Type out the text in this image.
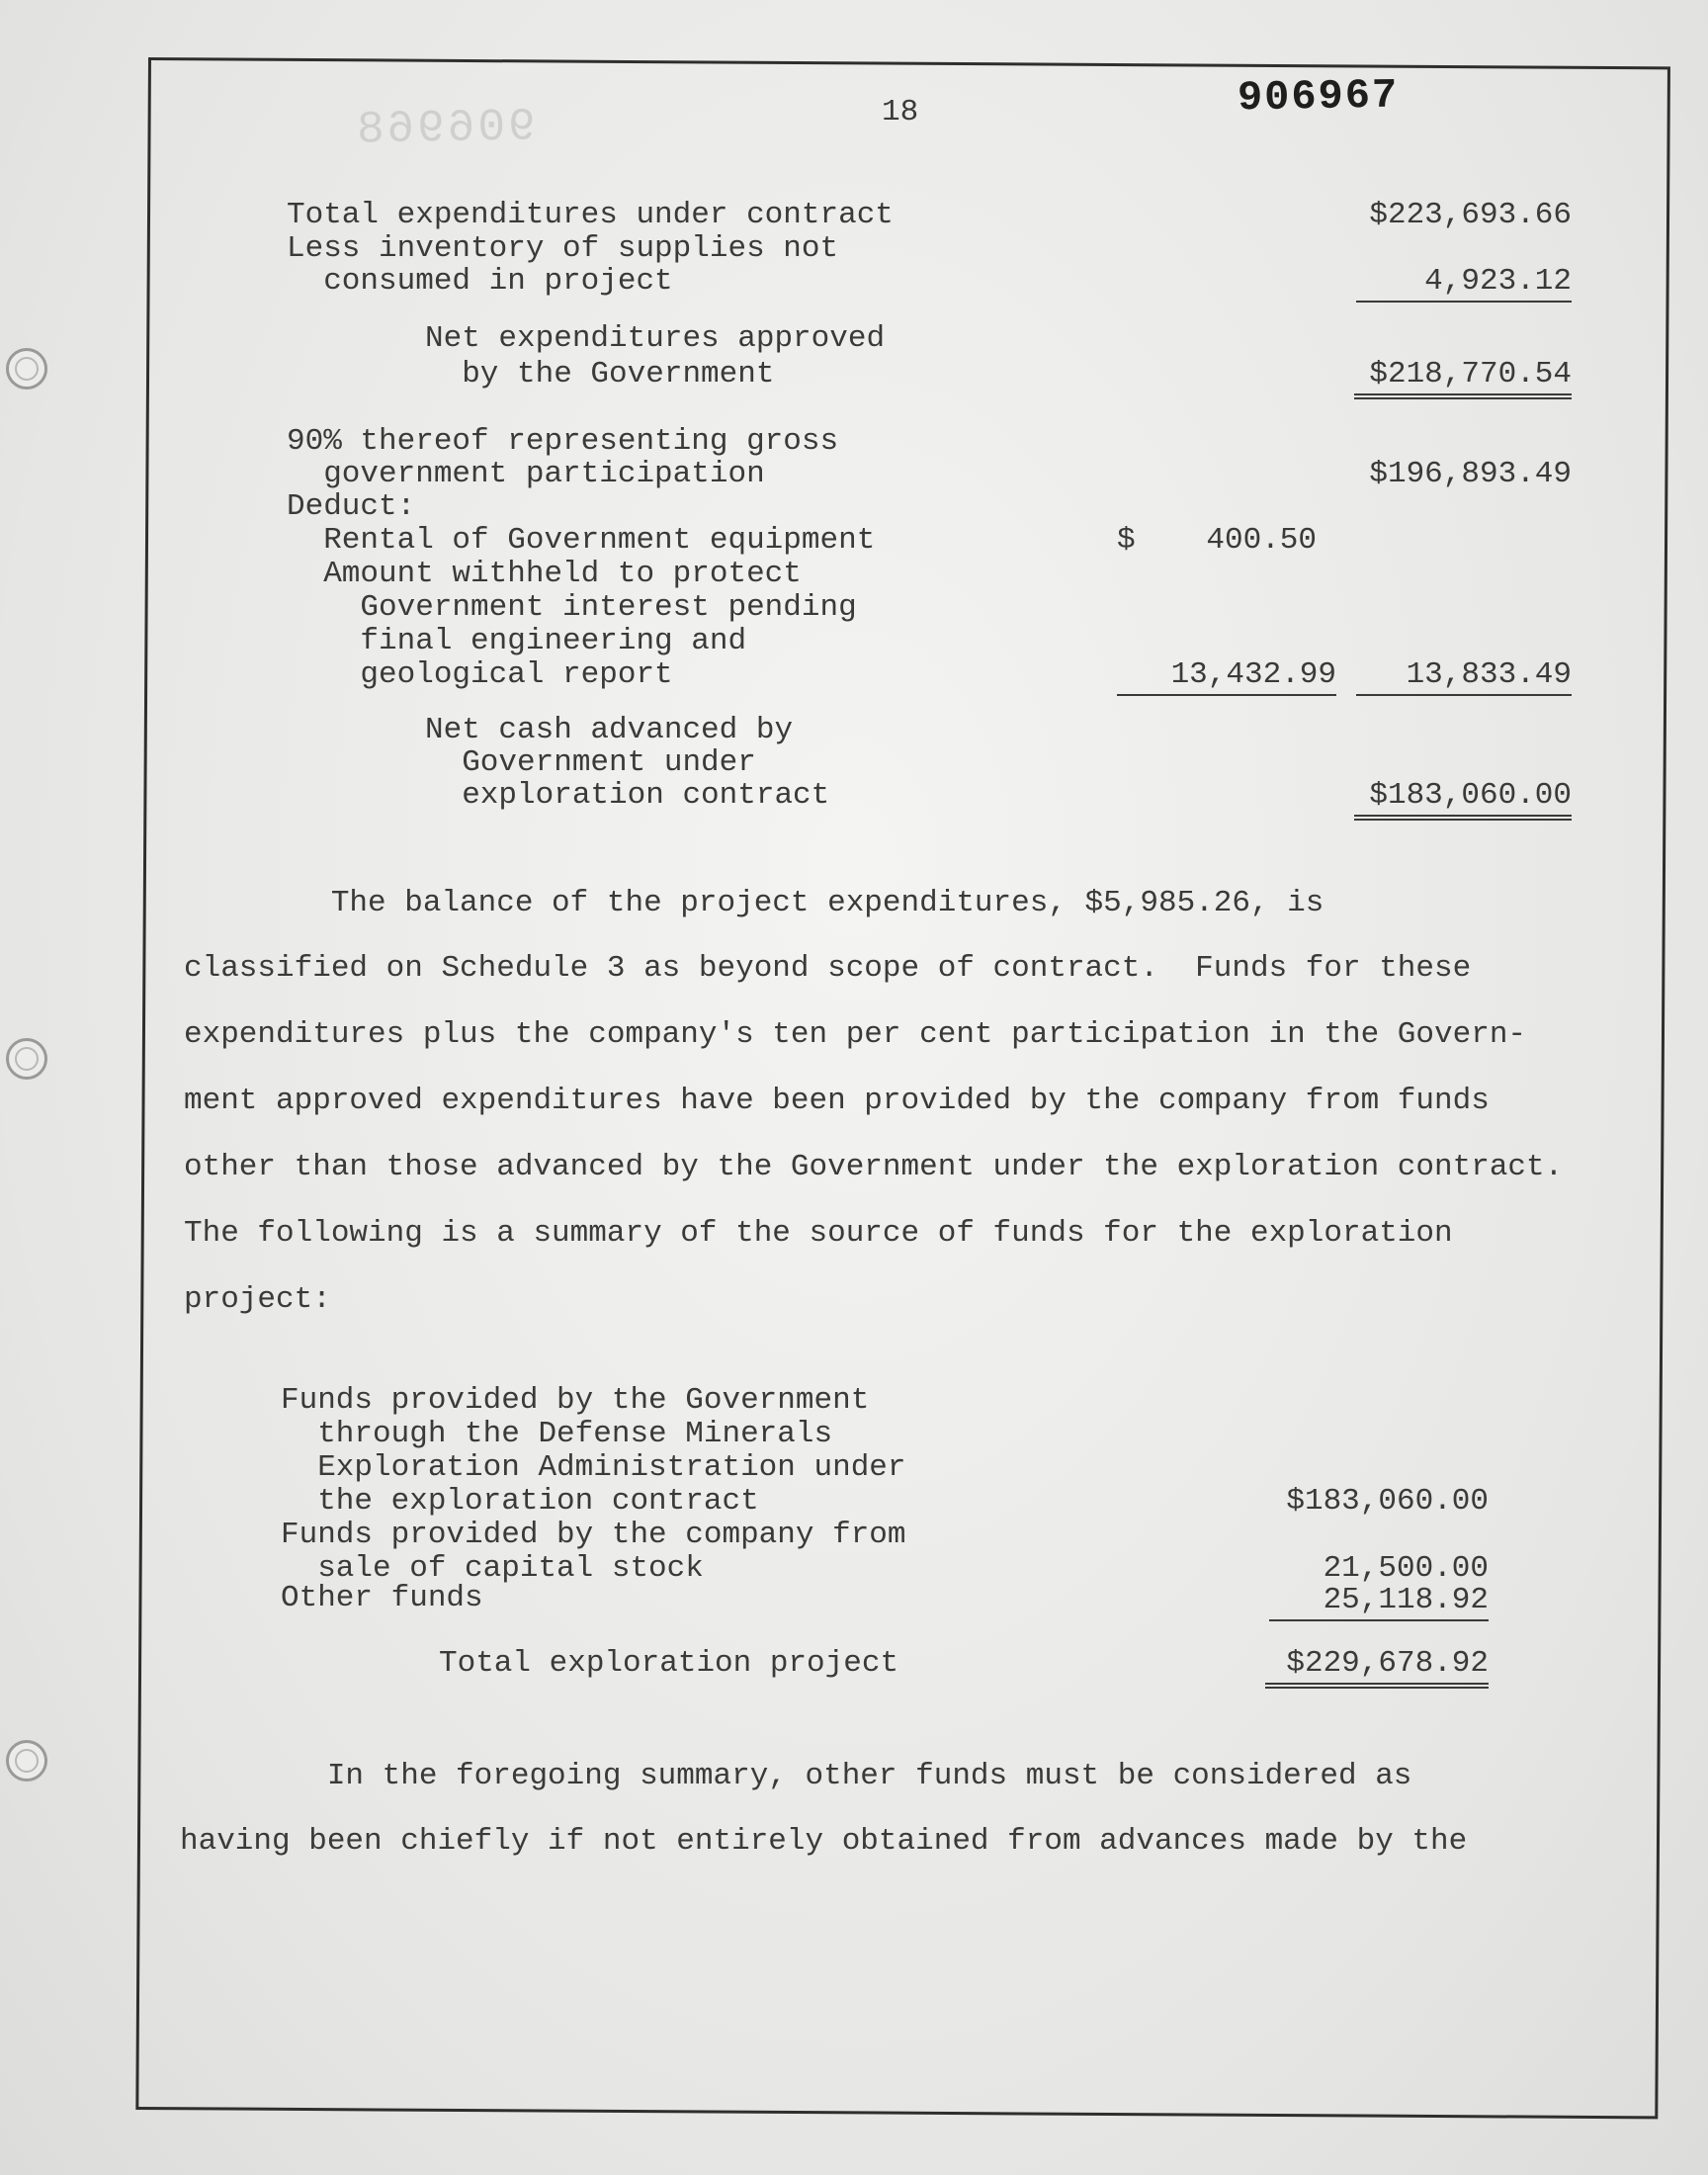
906968	18	906967
Total expenditures under contract	$223,693.66
Less inventory of supplies not
consumed in project	4,923.12
Net expenditures approved
by the Government	$218,770.54
90% thereof representing gross
government participation	$196,893.49
Deduct:
Rental of Government equipment	$	400.50
Amount withheld to protect
Government interest pending
final engineering and
geological report	13,432.99	13,833.49
Net cash advanced by
Government under
exploration contract	$183,060.00
The balance of the project expenditures, $5,985.26, is
classified on Schedule 3 as beyond scope of contract.  Funds for these
expenditures plus the company's ten per cent participation in the Govern-
ment approved expenditures have been provided by the company from funds
other than those advanced by the Government under the exploration contract.
The following is a summary of the source of funds for the exploration
project:
Funds provided by the Government
through the Defense Minerals
Exploration Administration under
the exploration contract	$183,060.00
Funds provided by the company from
sale of capital stock	21,500.00
Other funds	25,118.92
Total exploration project	$229,678.92
In the foregoing summary, other funds must be considered as
having been chiefly if not entirely obtained from advances made by the
